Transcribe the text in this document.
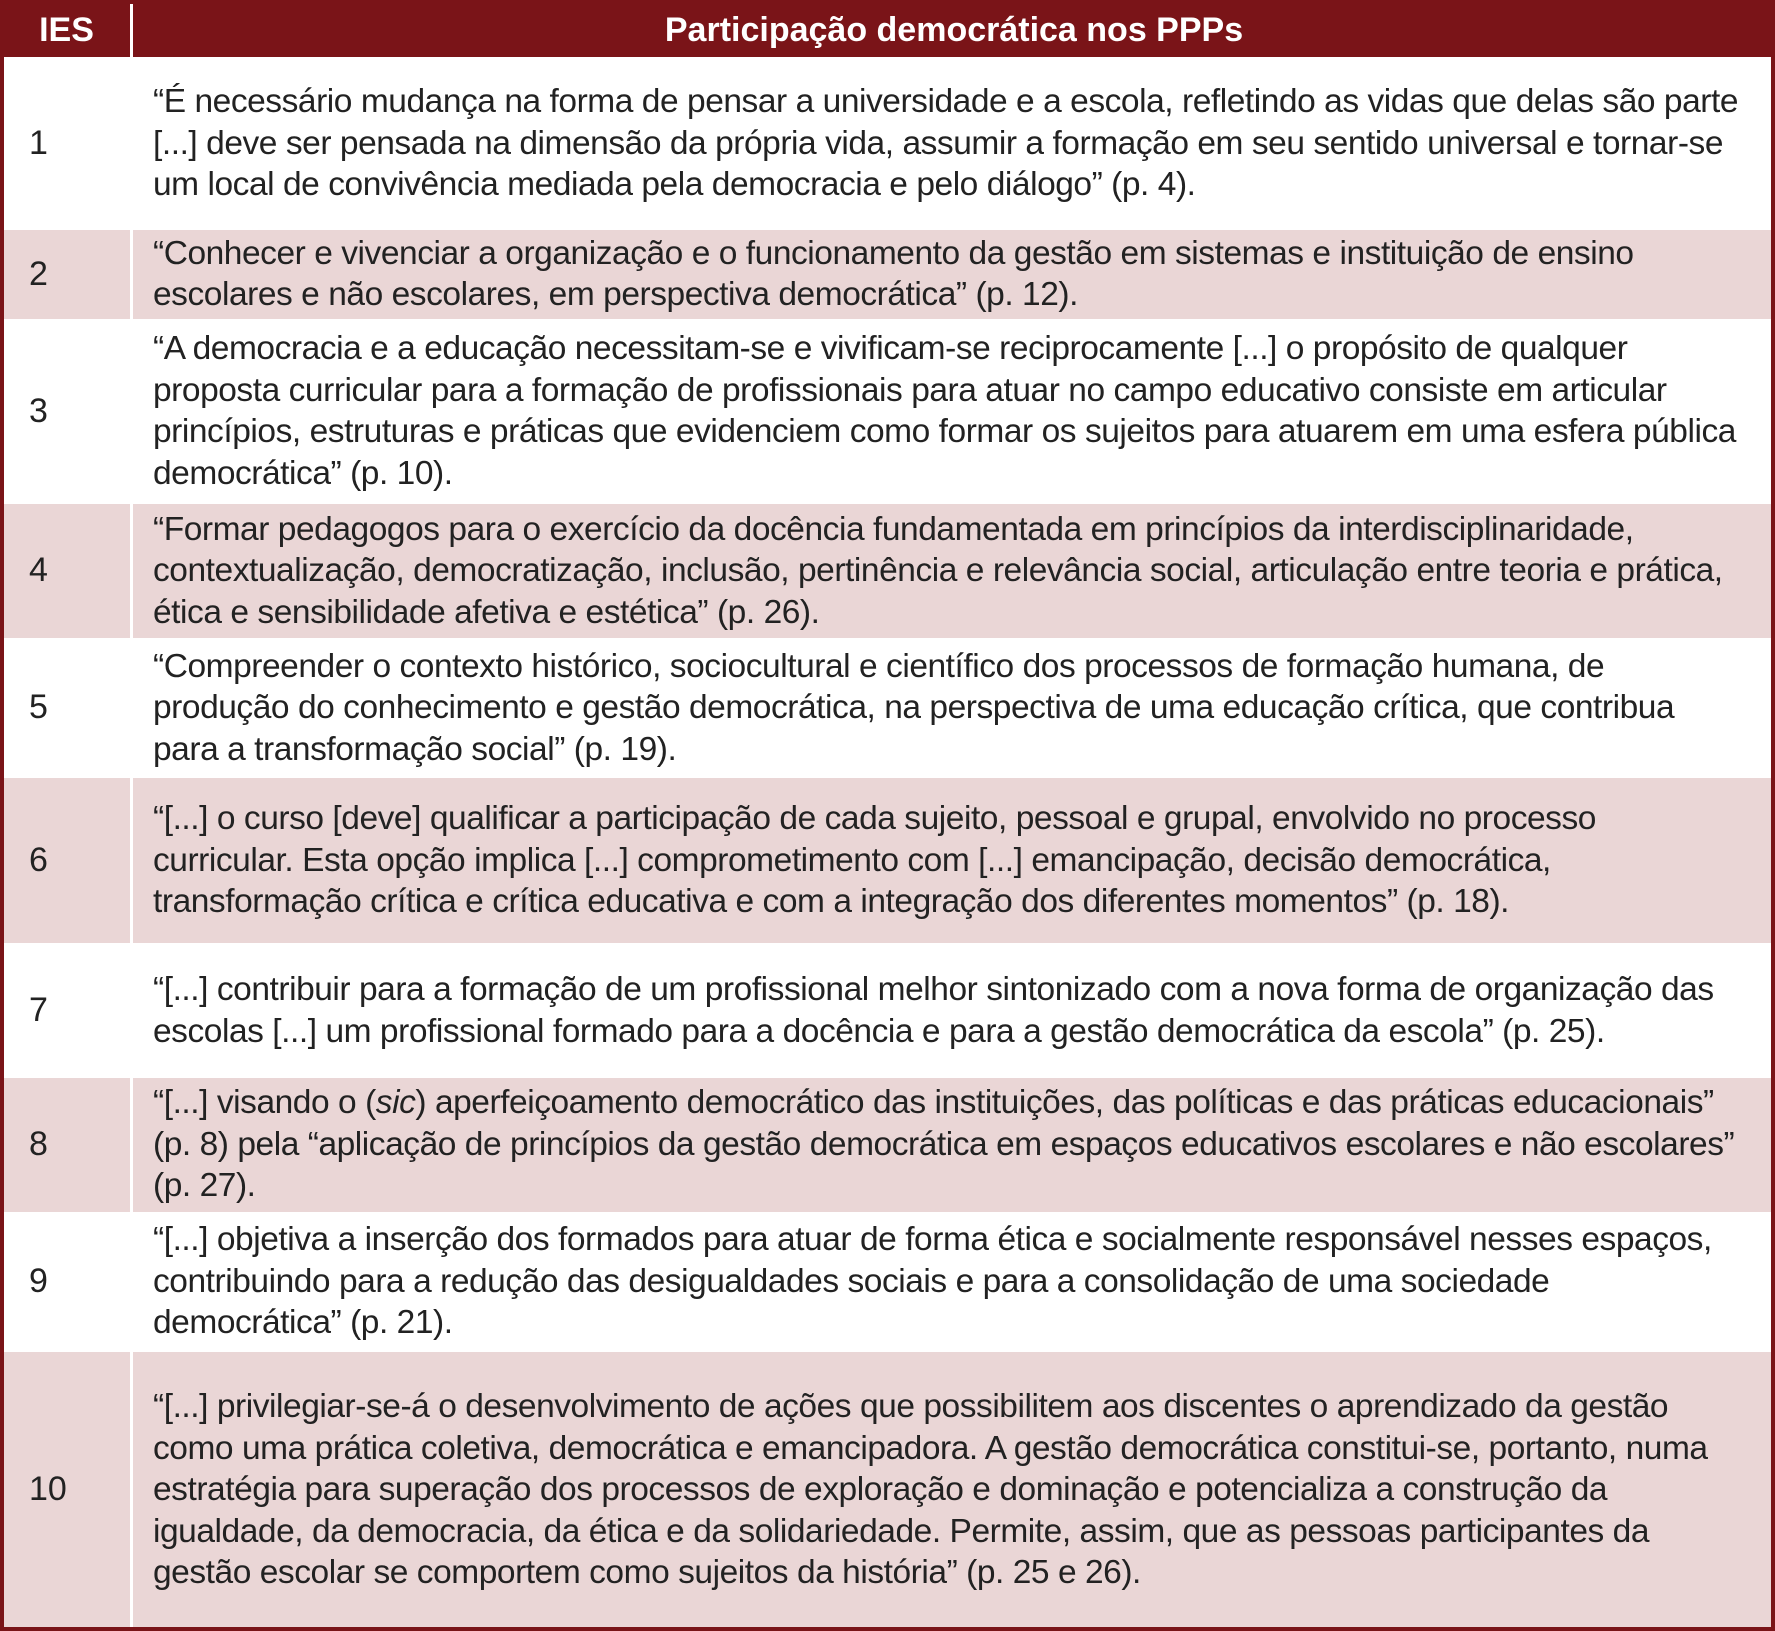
IES	Participação democrática nos PPPs
1	“É necessário mudança na forma de pensar a universidade e a escola, refletindo as vidas que delas são parte [...] deve ser pensada na dimensão da própria vida, assumir a formação em seu sentido universal e tornar-se um local de convivência mediada pela democracia e pelo diálogo” (p. 4).
2	“Conhecer e vivenciar a organização e o funcionamento da gestão em sistemas e instituição de ensino escolares e não escolares, em perspectiva democrática” (p. 12).
3	“A democracia e a educação necessitam-se e vivificam-se reciprocamente [...] o propósito de qualquer proposta curricular para a formação de profissionais para atuar no campo educativo consiste em articular princípios, estruturas e práticas que evidenciem como formar os sujeitos para atuarem em uma esfera pública democrática” (p. 10).
4	“Formar pedagogos para o exercício da docência fundamentada em princípios da interdisciplinaridade, contextualização, democratização, inclusão, pertinência e relevância social, articulação entre teoria e prática, ética e sensibilidade afetiva e estética” (p. 26).
5	“Compreender o contexto histórico, sociocultural e científico dos processos de formação humana, de produção do conhecimento e gestão democrática, na perspectiva de uma educação crítica, que contribua para a transformação social” (p. 19).
6	“[...] o curso [deve] qualificar a participação de cada sujeito, pessoal e grupal, envolvido no processo curricular. Esta opção implica [...] comprometimento com [...] emancipação, decisão democrática, transformação crítica e crítica educativa e com a integração dos diferentes momentos” (p. 18).
7	“[...] contribuir para a formação de um profissional melhor sintonizado com a nova forma de organização das escolas [...] um profissional formado para a docência e para a gestão democrática da escola” (p. 25).
8	“[...] visando o (sic) aperfeiçoamento democrático das instituições, das políticas e das práticas educacionais” (p. 8) pela “aplicação de princípios da gestão democrática em espaços educativos escolares e não escolares” (p. 27).
9	“[...] objetiva a inserção dos formados para atuar de forma ética e socialmente responsável nesses espaços, contribuindo para a redução das desigualdades sociais e para a consolidação de uma sociedade democrática” (p. 21).
10	“[...] privilegiar-se-á o desenvolvimento de ações que possibilitem aos discentes o aprendizado da gestão como uma prática coletiva, democrática e emancipadora. A gestão democrática constitui-se, portanto, numa estratégia para superação dos processos de exploração e dominação e potencializa a construção da igualdade, da democracia, da ética e da solidariedade. Permite, assim, que as pessoas participantes da gestão escolar se comportem como sujeitos da história” (p. 25 e 26).
